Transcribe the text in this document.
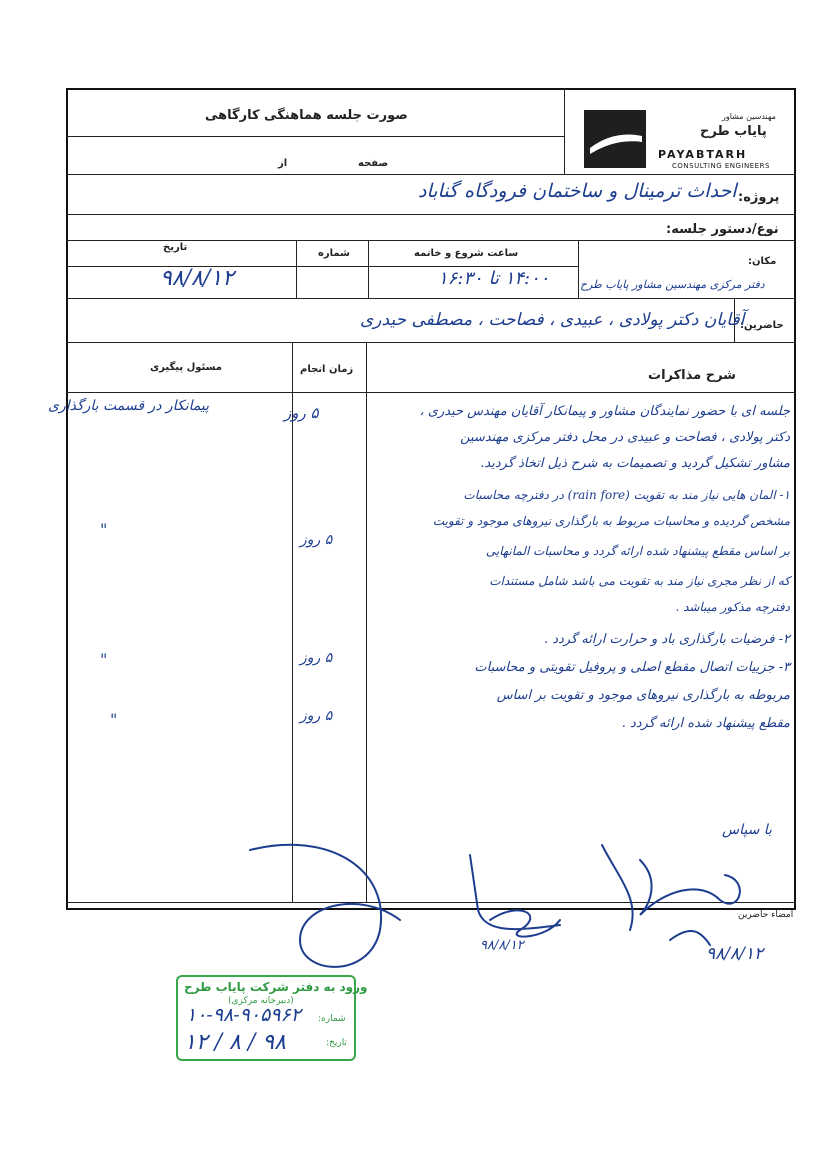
صورت جلسه هماهنگی کارگاهی
صفحه
از
مهندسین مشاور
پایاب طرح
PAYABTARH
CONSULTING ENGINEERS
پروژه:
احداث ترمینال و ساختمان فرودگاه گناباد
نوع/دستور جلسه:
مکان:
ساعت شروع و خاتمه
شماره
تاریخ
دفتر مرکزی مهندسین مشاور پایاب طرح
۱۴:۰۰ تا ۱۶:۳۰
۹۸/۸/۱۲
حاضرین:
آقایان دکتر پولادی ، عبیدی ، فصاحت ، مصطفی حیدری
شرح مذاکرات
زمان انجام
مسئول پیگیری
جلسه ای با حضور نمایندگان مشاور و پیمانکار آقایان مهندس حیدری ،
دکتر پولادی ، فصاحت و عبیدی در محل دفتر مرکزی مهندسین
مشاور تشکیل گردید و تصمیمات به شرح ذیل اتخاذ گردید.
۱- المان هایی نیاز مند به تقویت (rain fore) در دفترچه محاسبات
مشخص گردیده و محاسبات مربوط به بارگذاری نیروهای موجود و تقویت
بر اساس مقطع پیشنهاد شده ارائه گردد و محاسبات المانهایی
که از نظر مجری نیاز مند به تقویت می باشد شامل مستندات
دفترچه مذکور میباشد .
۲- فرضیات بارگذاری باد و حرارت ارائه گردد .
۳- جزییات اتصال مقطع اصلی و پروفیل تقویتی و محاسبات
مربوطه به بارگذاری نیروهای موجود و تقویت بر اساس
مقطع پیشنهاد شده ارائه گردد .
۵ روز
۵ روز
۵ روز
۵ روز
پیمانکار در قسمت بارگذاری
"
"
"
با سپاس
امضاء حاضرین
۹۸/۸/۱۲	۹۸/۸/۱۲
ورود به دفتر شرکت پایاب طرح
(دبیرخانه مرکزی)
شماره:
۱۰-۹۸-۹۰۵۹۶۲
تاریخ:
۹۸ / ۸ / ۱۲
